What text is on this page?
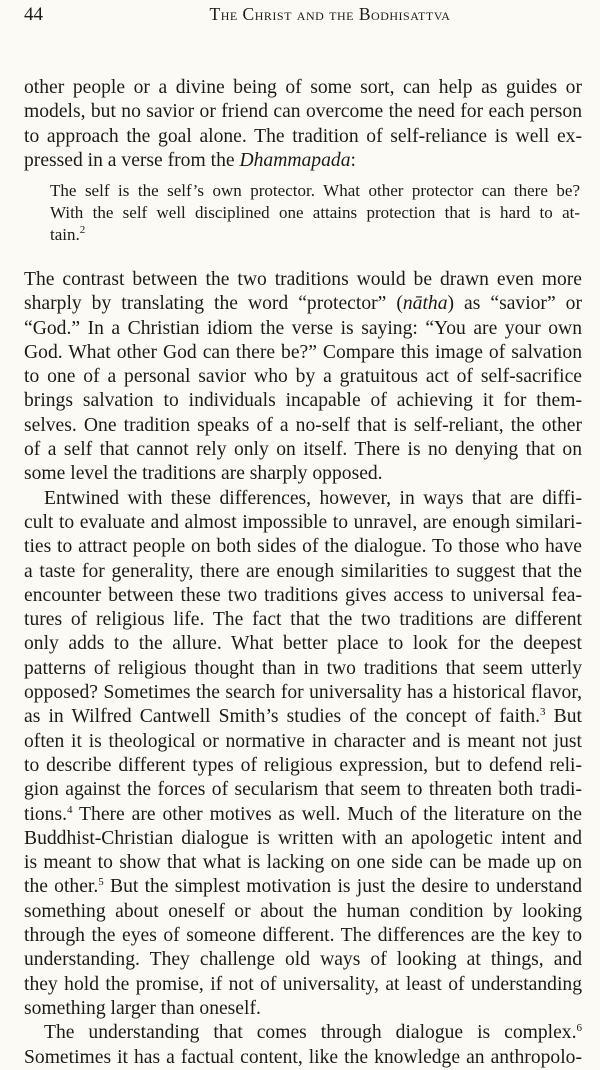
44	The Christ and the Bodhisattva
other people or a divine being of some sort, can help as guides or
models, but no savior or friend can overcome the need for each person
to approach the goal alone. The tradition of self-reliance is well ex-
pressed in a verse from the Dhammapada:
The self is the self’s own protector. What other protector can there be?
With the self well disciplined one attains protection that is hard to at-
tain.$^2$

The contrast between the two traditions would be drawn even more
sharply by translating the word “protector” (nātha) as “savior” or
“God.” In a Christian idiom the verse is saying: “You are your own
God. What other God can there be?” Compare this image of salvation
to one of a personal savior who by a gratuitous act of self-sacrifice
brings salvation to individuals incapable of achieving it for them-
selves. One tradition speaks of a no-self that is self-reliant, the other
of a self that cannot rely only on itself. There is no denying that on
some level the traditions are sharply opposed.

Entwined with these differences, however, in ways that are diffi-
cult to evaluate and almost impossible to unravel, are enough similari-
ties to attract people on both sides of the dialogue. To those who have
a taste for generality, there are enough similarities to suggest that the
encounter between these two traditions gives access to universal fea-
tures of religious life. The fact that the two traditions are different
only adds to the allure. What better place to look for the deepest
patterns of religious thought than in two traditions that seem utterly
opposed? Sometimes the search for universality has a historical flavor,
as in Wilfred Cantwell Smith’s studies of the concept of faith.$^3$ But
often it is theological or normative in character and is meant not just
to describe different types of religious expression, but to defend reli-
gion against the forces of secularism that seem to threaten both tradi-
tions.$^4$ There are other motives as well. Much of the literature on the
Buddhist-Christian dialogue is written with an apologetic intent and
is meant to show that what is lacking on one side can be made up on
the other.$^5$ But the simplest motivation is just the desire to understand
something about oneself or about the human condition by looking
through the eyes of someone different. The differences are the key to
understanding. They challenge old ways of looking at things, and
they hold the promise, if not of universality, at least of understanding
something larger than oneself.

The understanding that comes through dialogue is complex.$^6$
Sometimes it has a factual content, like the knowledge an anthropolo-
